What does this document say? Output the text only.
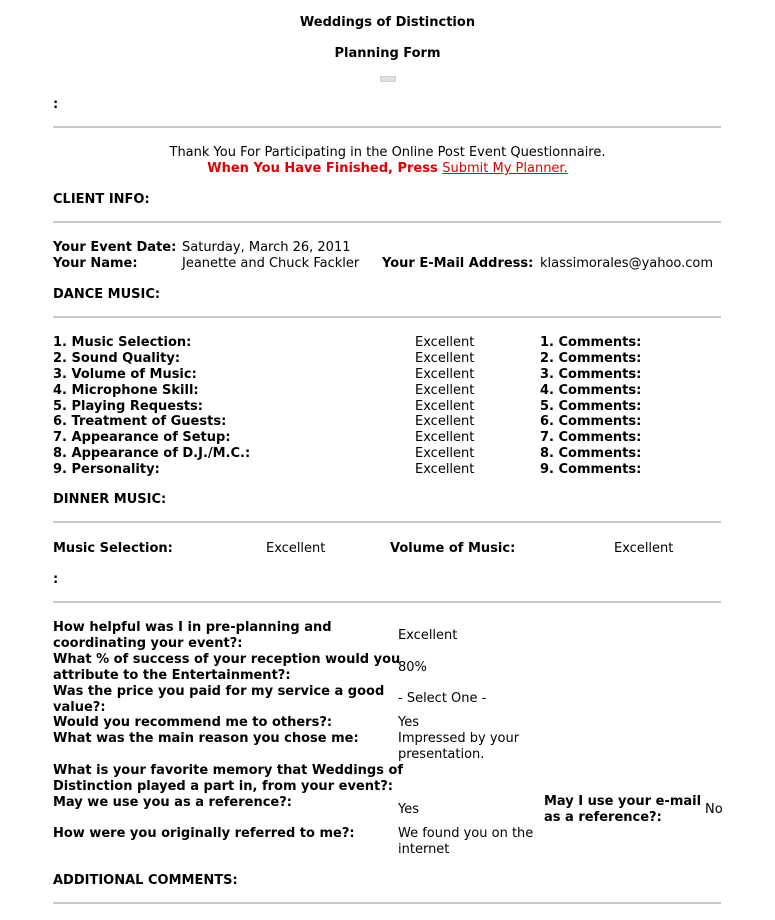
Weddings of Distinction
Planning Form
:
Thank You For Participating in the Online Post Event Questionnaire.
When You Have Finished, Press Submit My Planner.
CLIENT INFO:
Your Event Date: Saturday, March 26, 2011
Your Name:	Jeanette and Chuck Fackler Your E-Mail Address: klassimorales@yahoo.com
DANCE MUSIC:
1. Music Selection:	Excellent	1. Comments:
2. Sound Quality:	Excellent	2. Comments:
3. Volume of Music:	Excellent	3. Comments:
4. Microphone Skill:	Excellent	4. Comments:
5. Playing Requests:	Excellent	5. Comments:
6. Treatment of Guests:	Excellent	6. Comments:
7. Appearance of Setup:	Excellent	7. Comments:
8. Appearance of D.J./M.C.:	Excellent	8. Comments:
9. Personality:	Excellent	9. Comments:
DINNER MUSIC:
Music Selection:	Excellent	Volume of Music:	Excellent
:
How helpful was I in pre-planning and
coordinating your event?:
Excellent
What % of success of your reception would you
attribute to the Entertainment?:
80%
Was the price you paid for my service a good
value?:
- Select One -
Would you recommend me to others?:	Yes
What was the main reason you chose me:	Impressed by your
presentation.
What is your favorite memory that Weddings of
Distinction played a part in, from your event?:
May we use you as a reference?:	Yes
May I use your e-mail
as a reference?:
No
How were you originally referred to me?:	We found you on the
internet
ADDITIONAL COMMENTS:
